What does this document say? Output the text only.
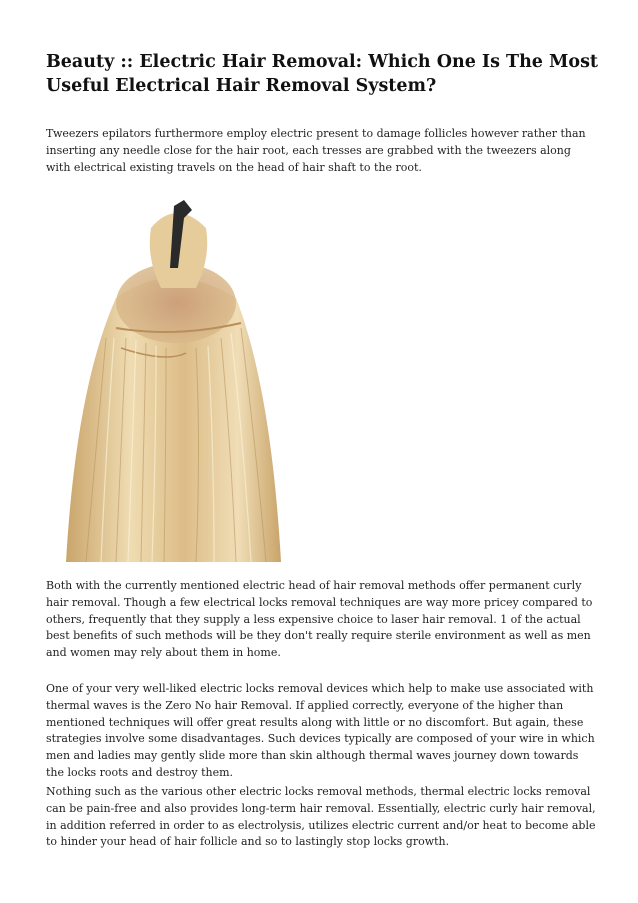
Beauty :: Electric Hair Removal: Which One Is The Most Useful Electrical Hair Removal System?

Tweezers epilators furthermore employ electric present to damage follicles however rather than inserting any needle close for the hair root, each tresses are grabbed with the tweezers along with electrical existing travels on the head of hair shaft to the root.

Both with the currently mentioned electric head of hair removal methods offer permanent curly hair removal. Though a few electrical locks removal techniques are way more pricey compared to others, frequently that they supply a less expensive choice to laser hair removal. 1 of the actual best benefits of such methods will be they don't really require sterile environment as well as men and women may rely about them in home.

One of your very well-liked electric locks removal devices which help to make use associated with thermal waves is the Zero No hair Removal. If applied correctly, everyone of the higher than mentioned techniques will offer great results along with little or no discomfort. But again, these strategies involve some disadvantages. Such devices typically are composed of your wire in which men and ladies may gently slide more than skin although thermal waves journey down towards the locks roots and destroy them.

Nothing such as the various other electric locks removal methods, thermal electric locks removal can be pain-free and also provides long-term hair removal. Essentially, electric curly hair removal, in addition referred in order to as electrolysis, utilizes electric current and/or heat to become able to hinder your head of hair follicle and so to lastingly stop locks growth.
